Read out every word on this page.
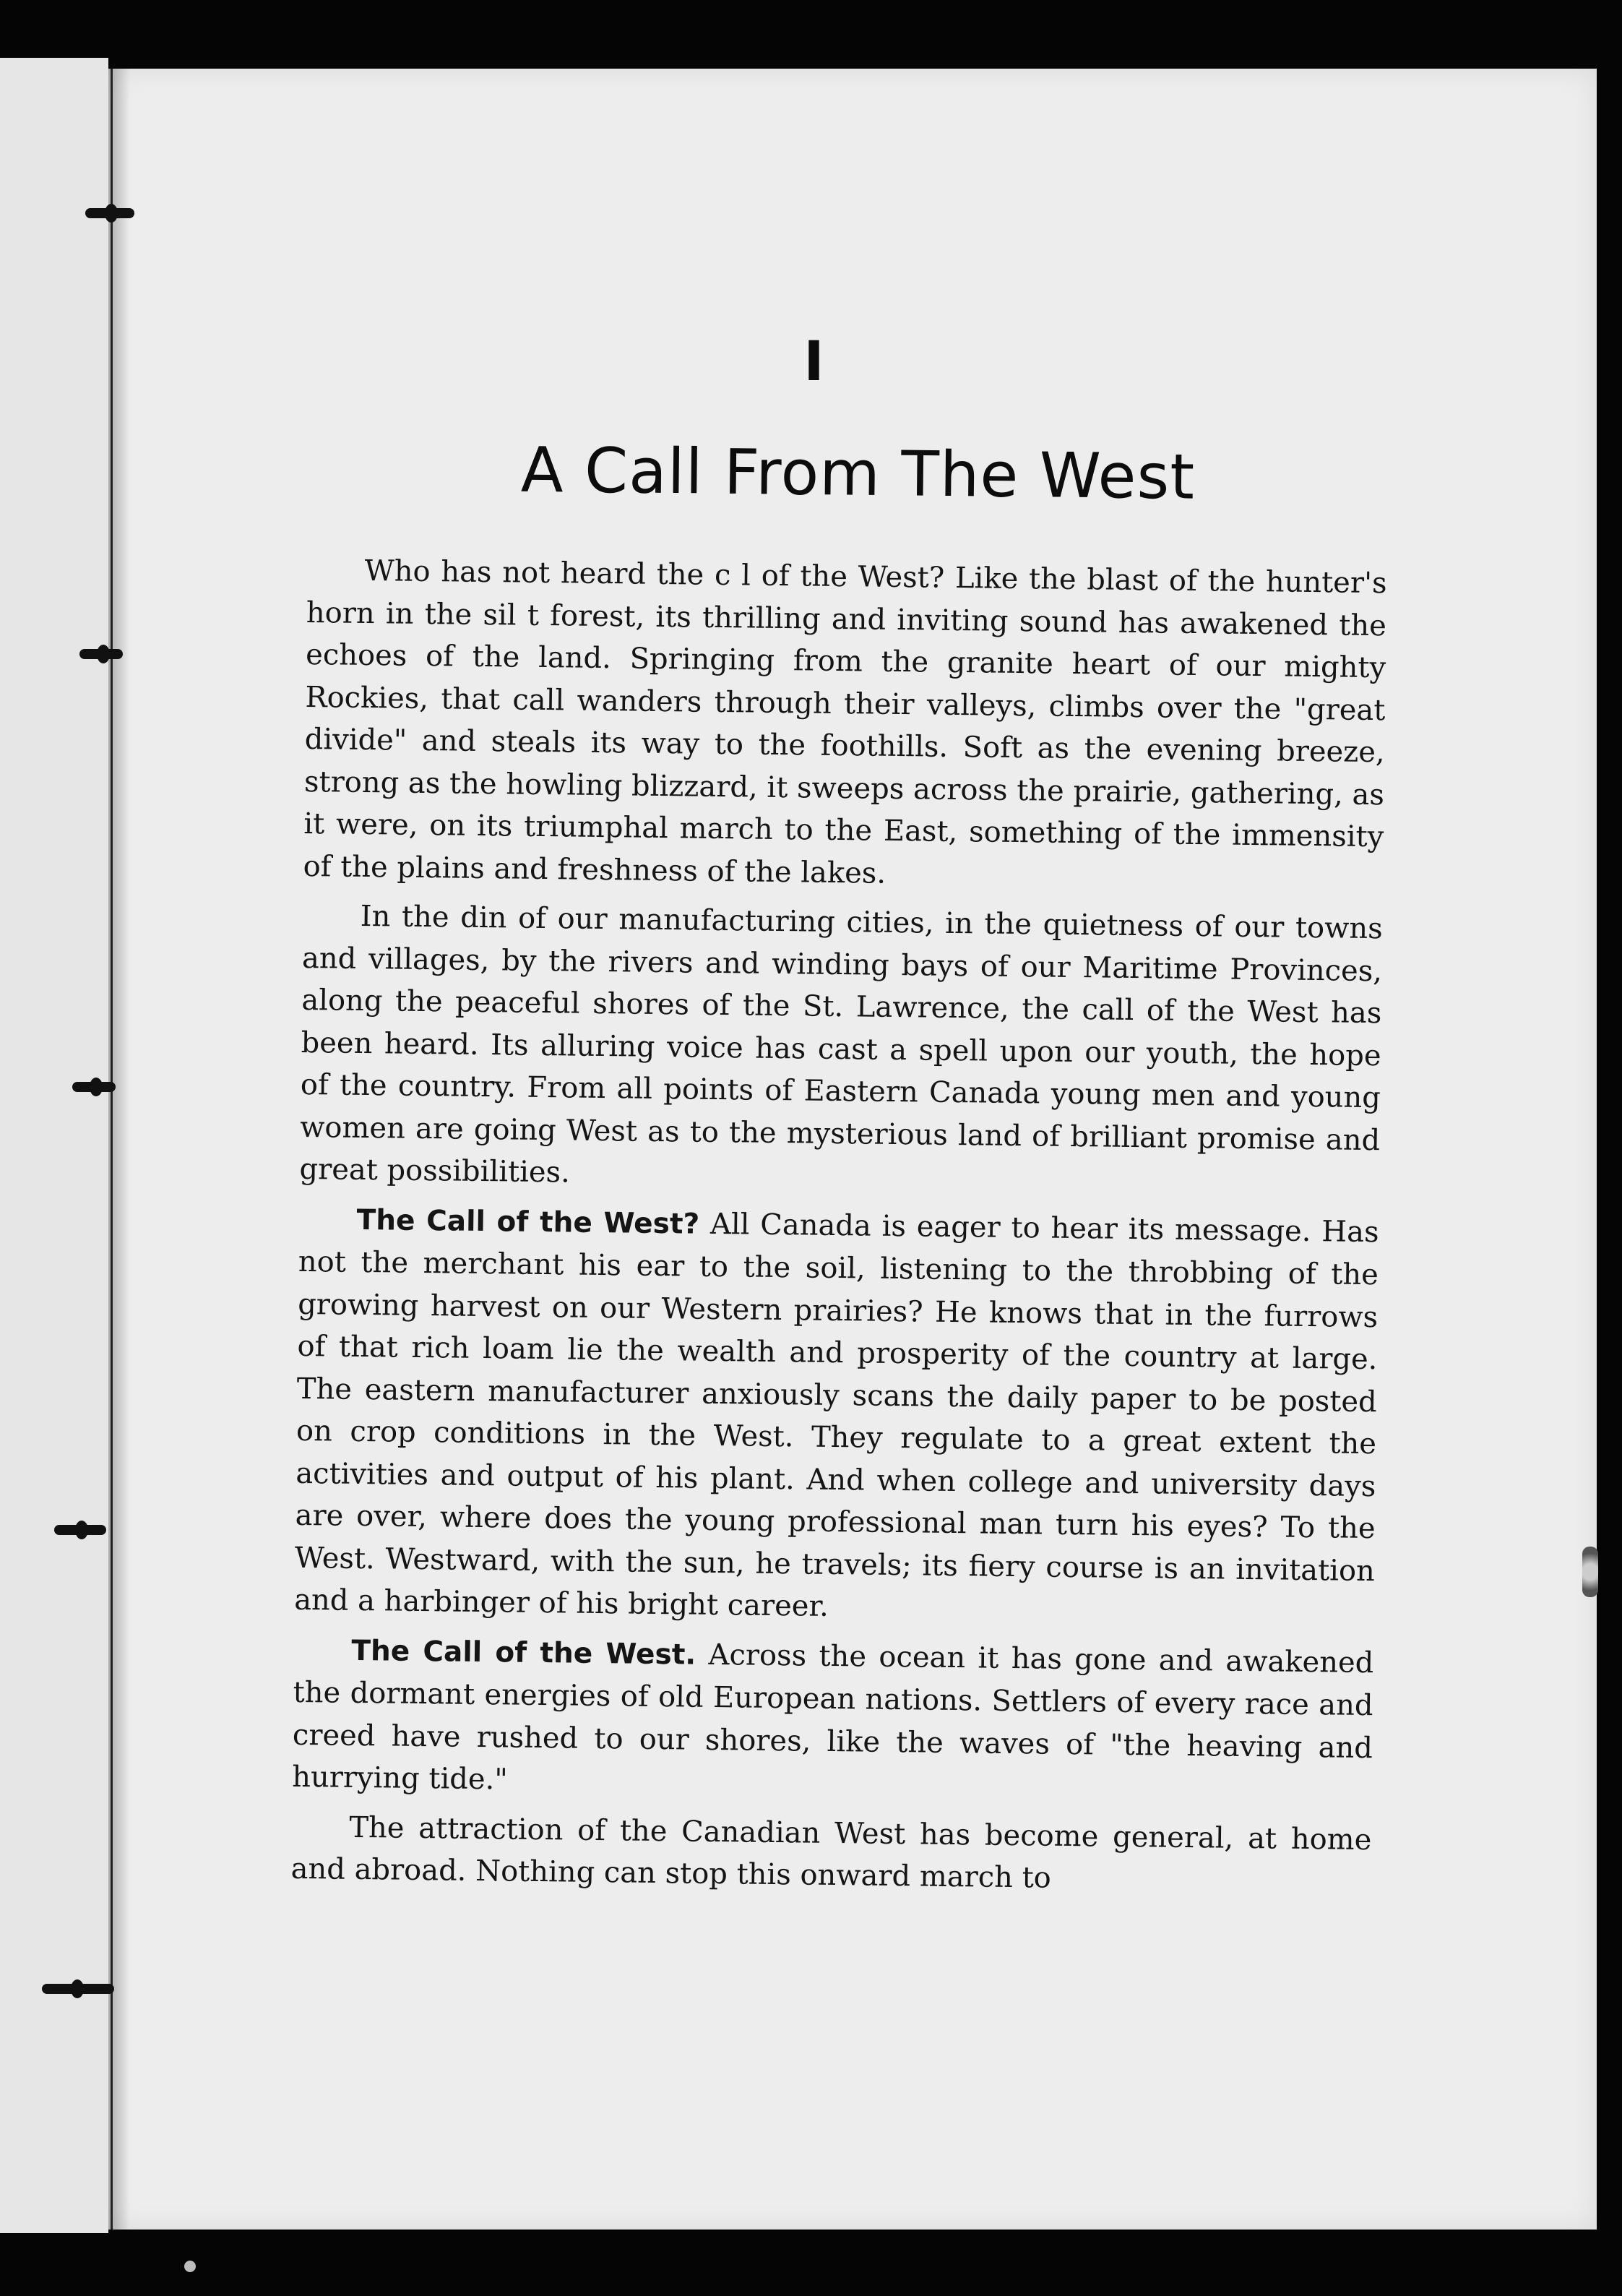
I
A Call From The West

Who has not heard the c l of the West? Like the blast of the hunter's horn in the sil t forest, its thrilling and inviting sound has awakened the echoes of the land. Springing from the granite heart of our mighty Rockies, that call wanders through their valleys, climbs over the "great divide" and steals its way to the foothills. Soft as the evening breeze, strong as the howling blizzard, it sweeps across the prairie, gathering, as it were, on its triumphal march to the East, something of the immensity of the plains and freshness of the lakes.

In the din of our manufacturing cities, in the quietness of our towns and villages, by the rivers and winding bays of our Maritime Provinces, along the peaceful shores of the St. Lawrence, the call of the West has been heard. Its alluring voice has cast a spell upon our youth, the hope of the country. From all points of Eastern Canada young men and young women are going West as to the mysterious land of brilliant promise and great possibilities.

The Call of the West? All Canada is eager to hear its message. Has not the merchant his ear to the soil, listening to the throbbing of the growing harvest on our Western prairies? He knows that in the furrows of that rich loam lie the wealth and prosperity of the country at large. The eastern manufacturer anxiously scans the daily paper to be posted on crop conditions in the West. They regulate to a great extent the activities and output of his plant. And when college and university days are over, where does the young professional man turn his eyes? To the West. Westward, with the sun, he travels; its fiery course is an invitation and a harbinger of his bright career.

The Call of the West. Across the ocean it has gone and awakened the dormant energies of old European nations. Settlers of every race and creed have rushed to our shores, like the waves of "the heaving and hurrying tide."

The attraction of the Canadian West has become general, at home and abroad. Nothing can stop this onward march to
